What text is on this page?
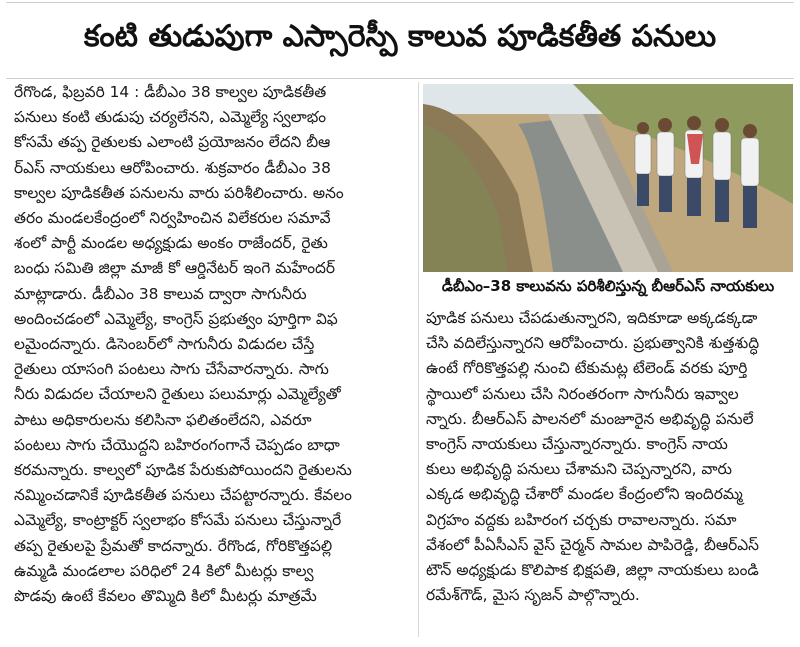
కంటి తుడుపుగా ఎస్సారెస్పీ కాలువ పూడికతీత పనులు
రేగొండ, ఫిబ్రవరి 14 : డీబీఎం 38 కాల్వల పూడికతీత
పనులు కంటి తుడుపు చర్యలేనని, ఎమ్మెల్యే స్వలాభం
కోసమే తప్ప రైతులకు ఎలాంటి ప్రయోజనం లేదని బీఆ
ర్ఎస్ నాయకులు ఆరోపించారు. శుక్రవారం డీబీఎం 38
కాల్వల పూడికతీత పనులను వారు పరిశీలించారు. అనం
తరం మండలకేంద్రంలో నిర్వహించిన విలేకరుల సమావే
శంలో పార్టీ మండల అధ్యక్షుడు అంకం రాజేందర్, రైతు
బంధు సమితి జిల్లా మాజీ కో ఆర్డినేటర్ ఇంగె మహేందర్
మాట్లాడారు. డీబీఎం 38 కాలువ ద్వారా సాగునీరు
అందించడంలో ఎమ్మెల్యే, కాంగ్రెస్ ప్రభుత్వం పూర్తిగా విఫ
లమైందన్నారు. డిసెంబర్‌లో సాగునీరు విడుదల చేస్తే
రైతులు యాసంగి పంటలు సాగు చేసేవారన్నారు. సాగు
నీరు విడుదల చేయాలని రైతులు పలుమార్లు ఎమ్మెల్యేతో
పాటు అధికారులను కలిసినా ఫలితంలేదని, ఎవరూ
పంటలు సాగు చేయొద్దని బహిరంగంగానే చెప్పడం బాధా
కరమన్నారు. కాల్వలో పూడిక పేరుకుపోయిందని రైతులను
నమ్మించడానికే పూడికతీత పనులు చేపట్టారన్నారు. కేవలం
ఎమ్మెల్యే, కాంట్రాక్టర్ స్వలాభం కోసమే పనులు చేస్తున్నారే
తప్ప రైతులపై ప్రేమతో కాదన్నారు. రేగొండ, గోరికొత్తపల్లి
ఉమ్మడి మండలాల పరిధిలో 24 కిలో మీటర్లు కాల్వ
పొడవు ఉంటే కేవలం తొమ్మిది కిలో మీటర్లు మాత్రమే
డీబీఎం–38 కాలువను పరిశీలిస్తున్న బీఆర్ఎస్ నాయకులు
పూడిక పనులు చేపడుతున్నారని, ఇదికూడా అక్కడక్కడా
చేసి వదిలేస్తున్నారని ఆరోపించారు. ప్రభుత్వానికి శుత్తశుద్ధి
ఉంటే గోరికొత్తపల్లి నుంచి టేకుమట్ల టేలెండ్ వరకు పూర్తి
స్థాయిలో పనులు చేసి నిరంతరంగా సాగునీరు ఇవ్వాల
న్నారు. బీఆర్ఎస్ పాలనలో మంజూరైన అభివృద్ధి పనులే
కాంగ్రెస్ నాయకులు చేస్తున్నారన్నారు. కాంగ్రెస్ నాయ
కులు అభివృద్ధి పనులు చేశామని చెప్పన్నారని, వారు
ఎక్కడ అభివృద్ధి చేశారో మండల కేంద్రంలోని ఇందిరమ్మ
విగ్రహం వద్దకు బహిరంగ చర్చకు రావాలన్నారు. సమా
వేశంలో పీఏసీఎస్ వైస్ చైర్మన్ సామల పాపిరెడ్డి, బీఆర్ఎస్
టౌన్ అధ్యక్షుడు కొలిపాక భిక్షపతి, జిల్లా నాయకులు బండి
రమేశ్‌గౌడ్, మైస సృజన్ పాల్గొన్నారు.
